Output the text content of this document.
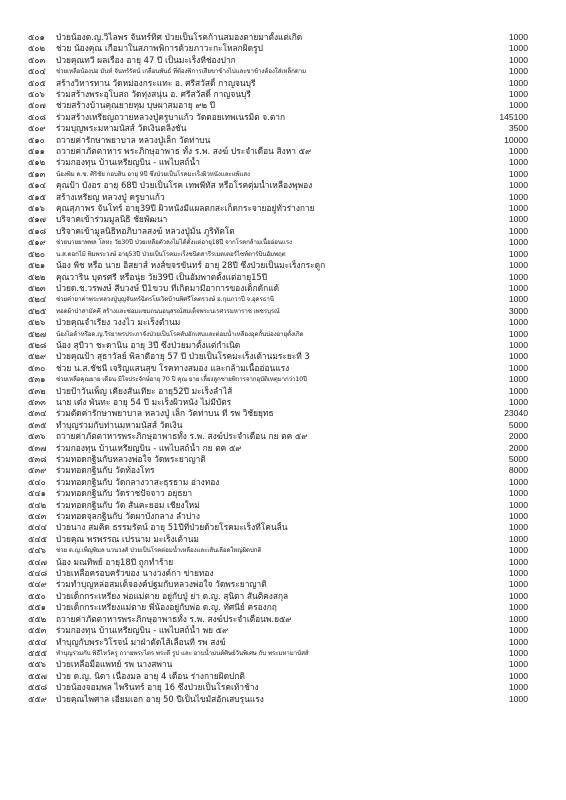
๕๐๑	ป่วยน้องด.ญ.วิไลพร จันทร์ทิศ ป่วยเป็นโรคก้านสมองตายมาตั้งแต่เกิด	1000
๕๐๒	ช่วย น้องคุณ เกือมาในสภาพพิการด้วยภาวะกะโหลกผิดรูป	1000
๕๐๓	ป่วยคุณทวี ผลเรือง อายุ 47 ปี เป็นมะเร็งที่ช่องปาก	1000
๕๐๔	ช่วยเหลือน้องปอ มันท์ จันทร์รัตน์ เกลื่อนพันธ์ ที่ต้องพิการเสียขาข้างไปและขาข้างต้องใส่เหล็กดาม	1000
๕๐๕	สร้างวิหารทาน วัดหม่องกระแทะ อ. ศรีสวัสดิ์ กาญจนบุรี	1000
๕๐๖	ร่วมสร้างพระอุโบสถ วัดทุ่งสนุ่น อ. ศรีสวัสดิ์ กาญจนบุรี	1000
๕๐๗	ช่วยสร้างบ้านคุณยายทุม บุษผาสมอายุ ๙๒ ปี	1000
๕๐๘	ร่วมสร้างเหรียญถวายหลวงปู่ครูบาแก้ว วัดดอยเทพเนรมิต จ.ตาก	145100
๕๐๙	ร่วมบุญพระมหามนัสส์ วัดเงินตลิ่งชัน	3500
๕๑๐	ถวายค่ารักษาพยาบาล หลวงปู่เล็ก วัดท่าบน	10000
๕๑๑	ถวายค่าภัตตาหาร พระภิกษุอาพาธ ทั้ง ร.พ. สงฆ์ ประจำเดือน สิงหา ๕๙	1000
๕๑๒	ร่วมกองทุน บ้านเหรียญบิน - แพไบสถ์น้ำ	1000
๕๑๓	น้องพิม ด.ช. ศิริชัย กอบสิน อายุ 9ปี ซึ่งป่วยเป็นโรคมะเร็งผิวหนังและแพ้แสง	1000
๕๑๔	คุณป้า บังอร อายุ 68ปี ป่วยเป็นโรค เทพพีทัส หรือโรคตุ่มน้ำเหลืองพุพอง	1000
๕๑๕	สร้างเหรียญ หลวงปู่ ครูบาแก้ว	1000
๕๑๖	คุณสุภาพร จันโทร์ อายุ39ปี ผิวหนังมีแผลตกสะเก็ดกระจายอยู่ทั่วร่างกาย	1000
๕๑๗	บริจาคเข้าร่วมมูลนิธิ ชัยพัฒนา	1000
๕๑๘	บริจาคเข้ามูลนิธิหอภิบาลสงฆ์ หลวงปู่มั่น ภูริทัตโต	1000
๕๑๙	ช่วยนายยาพพล โลหะ วัย30ปี ป่วยเหลือตัวลงไม่ได้ตั้งแต่อายุ18ปี จากโรคกล้ามเนื้ออ่อนแรง	1000
๕๒๐	น.ส.ดอกไม้ พิมพระวงษ์ อายุ53ปี ป่วยเป็นโรคมะเร็งชนิดสารีรเมดเดอร์ไซท์ตาร์บินอัมพฤต	1000
๕๒๑	น้อง พีช หรือ นาย อิสยาส์ หงส์ขจรขันทร์ อายุ 28ปี ซึ่งป่วยเป็นมะเร็งกระดูก	1000
๕๒๒	คุณวาริน บุตรศรี หรือนุ่ย วัย39ปี เป็นอัมพาตตั้งแต่อายุ15ปี	1000
๕๒๓	ป่วยด.ช.วรพงษ์ สีบวงษ์ ปี1ขวบ ที่เกิดมามีอาการของเด็กดักแด้	1000
๕๒๔	ช่วยค่ายาค่าพระหลวงปู่บุญจันทร์ฉิตรโยเวิดบ้านพิศรีโคตรวงษ์ อ.กุมภวาปี จ.อุดรธานี	1000
๕๒๕	ทอดผ้าป่าสามัคคี สร้างและซ่อมแซมถนนอนุสรณ์สมเด็จพระนเรศวรมหาราช เพชรบุรณ์	3000
๕๒๖	ป่วยคุณจำเรียง วงงไว มะเร็งตำนม	1000
๕๒๗	น้องไอต้าหรือด.ญ.วีรยาพรประภาจังป่วยเป็นโรคตับอักเสบและต่อมน้ำเหลืองอุดกั้นบ่องอายุตั้งเกิด	1000
๕๒๘	น้อง สุบีวา ชะดานิน อายุ 3ปี ซึ่งป่วยมาตั้งแต่กำเนิด	1000
๕๒๙	ป่วยคุณป้า สุธาวัลย์ พิลาดีอายุ 57 ปี ป่วยเป็นโรคมะเร็งเต้านมระยะที่ 3	1000
๕๓๐	ช่วย น.ส.ชัชนี เจริญแสนสุข โรคทางสมอง และกล้ามเนื้ออ่อนแรง	1000
๕๓๑	ช่วยเหลือคุณยาย เดือน มีใจประจักษ์อายุ 70 ปี คุณ ยาย เลี้ยงลูกชายพิการจากอุบัติเหตุมากว่า10ปี	1000
๕๓๒	ป่วยป้าวันเพ็ญ เคียงสันเทียะ อายุ52ปี มะเร็งลำไส้	1000
๕๓๓	นาย เด๋ง พันทะ อายุ 54 ปี มะเร็งผิวหนัง ไม่มีบัตร	1000
๕๓๔	ร่วมตัดค่ารักษาพยาบาล หลวงปู่ เล็ก วัดท่าบน ที่ รพ วิชัยยุทธ	23040
๕๓๕	ทำบุญร่วมกับท่านมหามนัสส์ วัดเงิน	5000
๕๓๖	ถวายค่าภัตตาหารพระภิกษุอาพาธทั้ง ร.พ. สงฆ์ประจำเดือน กย ตค ๕๙	2000
๕๓๗	ร่วมกองทุน บ้านเหรียญบิน - แพไบสถ์น้ำ กย ตค ๕๙	2000
๕๓๘	ร่วมทอดกฐินกับหลวงพ่อใจ วัดพระยาญาติ	5000
๕๓๙	ร่วมทอดกฐินกับ วัดท้องโทร	8000
๕๔๐	ร่วมทอดกฐินกับ วัดกลางวาสะธุรธาม อ่างทอง	1000
๕๔๑	ร่วมทอดกฐินกับ วัดราชปัจจาว อยุธยา	1000
๕๔๒	ร่วมทอดกฐินกับ วัด สันคะยอม เชียงใหม่	1000
๕๔๓	ร่วมทอดจุลกฐินกับ วัดผาบังกลาง ลำปาง	1000
๕๔๔	ป่วยนาง สมคิด ธรรมรัตน์ อายุ 51ปีที่ป่วยด้วยโรคมะเร็งที่โคนลิ้น	1000
๕๔๕	ป่วยคุณ พรพรรณ เปรนาม มะเร็งเต้านม	1000
๕๔๖	ช่วย ด.ญ.เพ็ญพิมล นวนวงศ์ ป่วยเป็นโรคต่อมน้ำเหลืองและเส้นเลือดใหญ่ผิดปกติ	1000
๕๔๗	น้อง มณทิพย์ อายุ18ปี ถูกทำร้าย	1000
๕๔๘	ป่วยเหลือครอบครัวของ นางวงค์กา ข่ายทอง	1000
๕๔๙	ร่วมทำบุญหล่อสมเด็จองค์ปฐมกับหลวงพ่อใจ วัดพระยาญาติ	1000
๕๕๐	ป่วยเด็กกระเหรี่ยง พ่อแม่ตาย อยู่กับปู่ ย่า ด.ญ. สุนิตา สันติคงสกุล	1000
๕๕๑	ป่วยเด็กกระเหรี่ยงแม่ตาย พี่น้องอยู่กับพ่อ ด.ญ. ทัศนีย์ ครองกฤ	1000
๕๕๒	ถวายค่าภัตตาหารพระภิกษุอาพาธทั้ง ร.พ. สงฆ์ประจำเดือนพ.ย๕๙	1000
๕๕๓	ร่วมกองทุน บ้านเหรียญบิน - แพไบสถ์น้ำ พย ๕๙	1000
๕๕๔	ทำบุญกับพระวิโรจน์ มาฝ่าตัดไส้เลื่อนที่ รพ สงฆ์	1000
๕๕๕	ทำบุญร่วมกับ พิธีไหว้ครู ถวายพระไตร พระดี รูป และ อาบน้ำมนต์ศิษย์วันพิเศษ กับ พระมหามานัสส์	1000
๕๕๖	ป่วยเหลือมือแพทย์ รพ นางสพาน	1000
๕๕๗	ป่วย ด.ญ. นิดา เนื่องมล อายุ 4 เดือน ร่างกายผิดปกติ	1000
๕๕๘	ป่วยน้องจอมพล ไพรินทร์ อายุ 16 ซึ่งป่วยเป็นโรคเท้าช้าง	1000
๕๕๙	ป่วยคุณไพศาล เอี่ยมเอก อายุ 50 ปีเป็นไขมัสอักเสบรุนแรง	1000
